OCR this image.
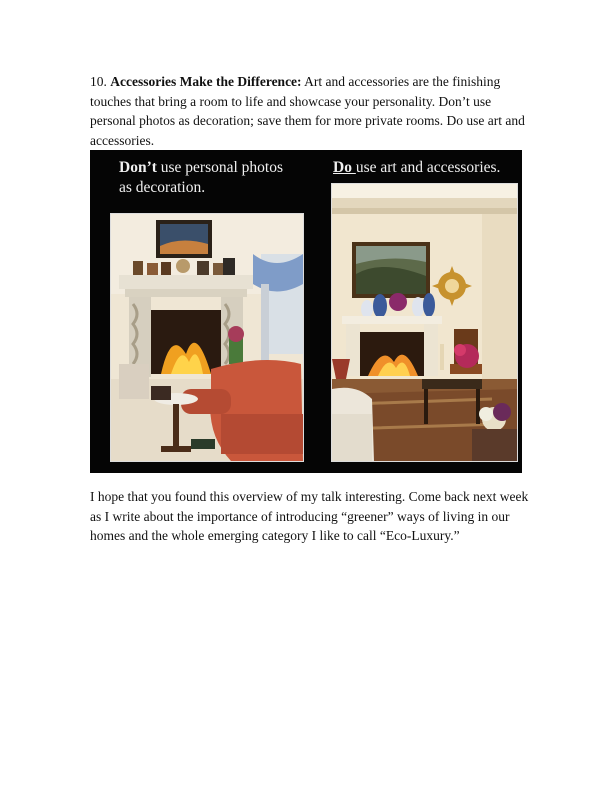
10. Accessories Make the Difference: Art and accessories are the finishing touches that bring a room to life and showcase your personality. Don’t use personal photos as decoration; save them for more private rooms. Do use art and accessories.

Don’t use personal photos as decoration.
Do use art and accessories.

I hope that you found this overview of my talk interesting. Come back next week as I write about the importance of introducing “greener” ways of living in our homes and the whole emerging category I like to call “Eco-Luxury.”
